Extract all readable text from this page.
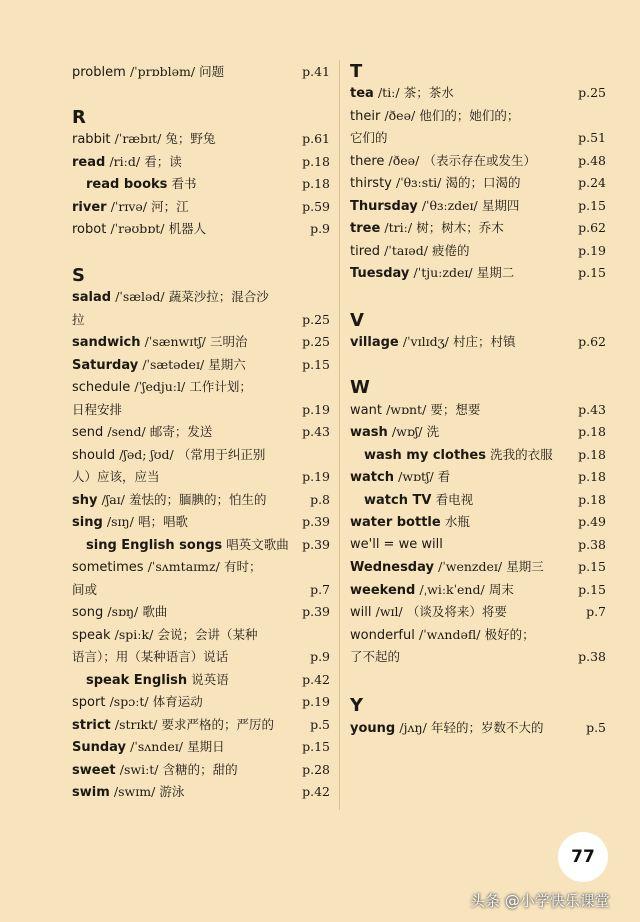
problem /ˈprɒbləm/ 问题	p.41
R
rabbit /ˈræbɪt/ 兔；野兔	p.61
read /riːd/ 看；读	p.18
read books 看书	p.18
river /ˈrɪvə/ 河；江	p.59
robot /ˈrəʊbɒt/ 机器人	p.9
S
salad /ˈsæləd/ 蔬菜沙拉；混合沙
拉	p.25
sandwich /ˈsænwɪtʃ/ 三明治	p.25
Saturday /ˈsætədeɪ/ 星期六	p.15
schedule /ˈʃedjuːl/ 工作计划；
日程安排	p.19
send /send/ 邮寄；发送	p.43
should /ʃəd; ʃʊd/ （常用于纠正别
人）应该，应当	p.19
shy /ʃaɪ/ 羞怯的；腼腆的；怕生的	p.8
sing /sɪŋ/ 唱；唱歌	p.39
sing English songs 唱英文歌曲 p.39
sometimes /ˈsʌmtaɪmz/ 有时；
间或	p.7
song /sɒŋ/ 歌曲	p.39
speak /spiːk/ 会说；会讲（某种
语言）；用（某种语言）说话	p.9
speak English 说英语	p.42
sport /spɔːt/ 体育运动	p.19
strict /strɪkt/ 要求严格的；严厉的	p.5
Sunday /ˈsʌndeɪ/ 星期日	p.15
sweet /swiːt/ 含糖的；甜的	p.28
swim /swɪm/ 游泳	p.42
T
tea /tiː/ 茶；茶水	p.25
their /ðeə/ 他们的；她们的；
它们的	p.51
there /ðeə/ （表示存在或发生）	p.48
thirsty /ˈθɜːsti/ 渴的；口渴的	p.24
Thursday /ˈθɜːzdeɪ/ 星期四	p.15
tree /triː/ 树；树木；乔木	p.62
tired /ˈtaɪəd/ 疲倦的	p.19
Tuesday /ˈtjuːzdeɪ/ 星期二	p.15
V
village /ˈvɪlɪdʒ/ 村庄；村镇	p.62
W
want /wɒnt/ 要；想要	p.43
wash /wɒʃ/ 洗	p.18
wash my clothes 洗我的衣服 p.18
watch /wɒtʃ/ 看	p.18
watch TV 看电视	p.18
water bottle 水瓶	p.49
we'll = we will	p.38
Wednesday /ˈwenzdeɪ/ 星期三	p.15
weekend /ˌwiːkˈend/ 周末	p.15
will /wɪl/ （谈及将来）将要	p.7
wonderful /ˈwʌndəfl/ 极好的；
了不起的	p.38
Y
young /jʌŋ/ 年轻的；岁数不大的	p.5
77
头条 @小学快乐课堂
